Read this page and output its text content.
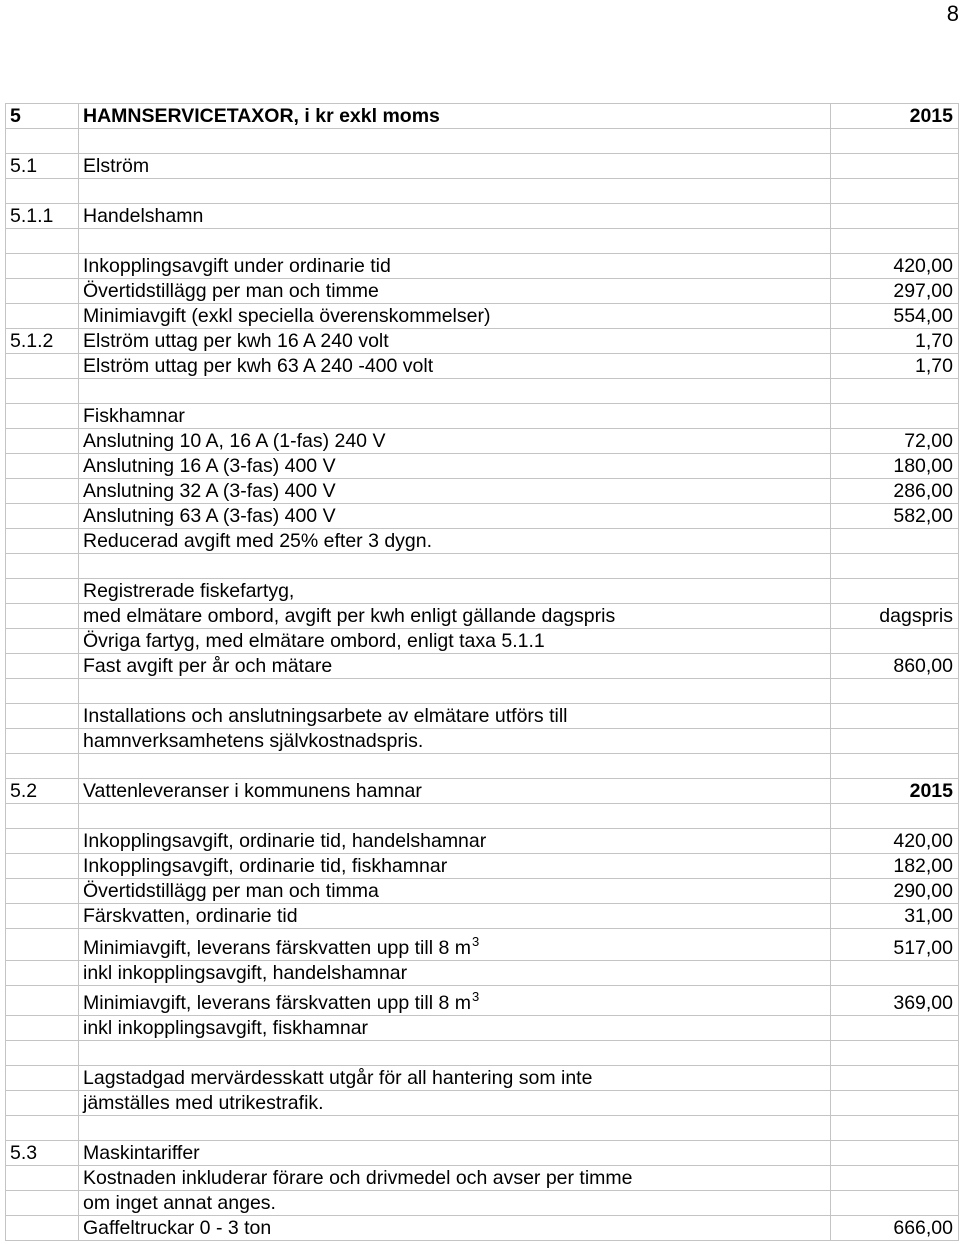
8
5	HAMNSERVICETAXOR, i kr exkl moms	2015
5.1	Elström
5.1.1	Handelshamn
Inkopplingsavgift under ordinarie tid	420,00
Övertidstillägg per man och timme	297,00
Minimiavgift (exkl speciella överenskommelser)	554,00
5.1.2	Elström uttag per kwh 16 A 240 volt	1,70
Elström uttag per kwh 63 A 240 -400 volt	1,70
Fiskhamnar
Anslutning 10 A, 16 A (1-fas) 240 V	72,00
Anslutning 16 A (3-fas) 400 V	180,00
Anslutning 32 A (3-fas) 400 V	286,00
Anslutning 63 A (3-fas) 400 V	582,00
Reducerad avgift med 25% efter 3 dygn.
Registrerade fiskefartyg,
med elmätare ombord, avgift per kwh enligt gällande dagspris	dagspris
Övriga fartyg, med elmätare ombord, enligt taxa 5.1.1
Fast avgift per år och mätare	860,00
Installations och anslutningsarbete av elmätare utförs till
hamnverksamhetens självkostnadspris.
5.2	Vattenleveranser i kommunens hamnar	2015
Inkopplingsavgift, ordinarie tid, handelshamnar	420,00
Inkopplingsavgift, ordinarie tid, fiskhamnar	182,00
Övertidstillägg per man och timma	290,00
Färskvatten, ordinarie tid	31,00
Minimiavgift, leverans färskvatten upp till 8 $m^3$	517,00
inkl inkopplingsavgift, handelshamnar
Minimiavgift, leverans färskvatten upp till 8 $m^3$	369,00
inkl inkopplingsavgift, fiskhamnar
Lagstadgad mervärdesskatt utgår för all hantering som inte
jämställes med utrikestrafik.
5.3	Maskintariffer
Kostnaden inkluderar förare och drivmedel och avser per timme
om inget annat anges.
Gaffeltruckar 0 - 3 ton	666,00
